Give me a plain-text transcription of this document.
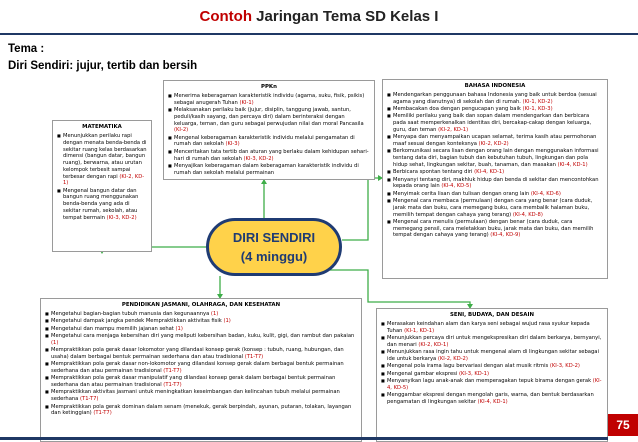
Contoh Jaringan Tema SD Kelas I
Tema :
Diri Sendiri: jujur, tertib dan bersih
PPKn
■ Menerima keberagaman karakteristik individu (agama, suku, fisik, psikis) sebagai anugerah Tuhan (KI-1)
■ Melaksanakan perilaku baik (jujur, disiplin, tanggung jawab, santun, peduli/kasih sayang, dan percaya diri) dalam berinteraksi dengan keluarga, teman, dan guru sebagai perwujudan nilai dan moral Pancasila (KI-2)
■ Mengenal keberagaman karakteristik individu melalui pengamatan di rumah dan sekolah (KI-3)
■ Menceritakan tata tertib dan aturan yang berlaku dalam kehidupan sehari-hari di rumah dan sekolah (KI-3, KD-2)
■ Menyajikan keberagaman dalam keberagaman karakteristik individu di rumah dan sekolah melalui permainan
BAHASA INDONESIA
■ Mendengarkan penggunaan bahasa Indonesia yang baik untuk berdoa (sesuai agama yang dianutnya) di sekolah dan di rumah. (KI-1, KD-2)
■ Membacakan doa dengan pengucapan yang baik (KI-1, KD-3)
■ Memiliki perilaku yang baik dan sopan dalam mendengarkan dan berbicara pada saat memperkenalkan identitas diri, bercakap-cakap dengan keluarga, guru, dan teman (KI-2, KD-1)
■ Menyapa dan menyampaikan ucapan selamat, terima kasih atau permohonan maaf sesuai dengan konteksnya (KI-2, KD-2)
■ Berkomunikasi secara lisan dengan orang lain dengan menggunakan informasi tentang data diri, bagian tubuh dan kebutuhan tubuh, lingkungan dan pola hidup sehat, lingkungan sekitar, buah, tanaman, dan masakan (KI-4, KD-1)
■ Berbicara spontan tentang diri (KI-4, KD-1)
■ Menyanyi tentang diri, makhluk hidup dan benda di sekitar dan mencontohkan kepada orang lain (KI-4, KD-5)
■ Menyimak cerita lisan dan tulisan dengan orang lain (KI-4, KD-6)
■ Mengenal cara membaca (permulaan) dengan cara yang benar (cara duduk, jarak mata dan buku, cara memegang buku, cara membalik halaman buku, memilih tempat dengan cahaya yang terang) (KI-4, KD-8)
■ Mengenal cara menulis (permulaan) dengan benar (cara duduk, cara memegang pensil, cara meletakkan buku, jarak mata dan buku, dan memilih tempat dengan cahaya yang terang) (KI-4, KD-9)
MATEMATIKA
■ Menunjukkan perilaku rapi dengan menata benda-benda di sekitar ruang kelas berdasarkan dimensi (bangun datar, bangun ruang), berwarna, atau urutan kelompok terbesit sampai terbesar dengan rapi (KI-2, KD-1)
■ Mengenal bangun datar dan bangun ruang menggunakan benda-benda yang ada di sekitar rumah, sekolah, atau tempat bermain (KI-3, KD-2)
DIRI SENDIRI
(4 minggu)
PENDIDIKAN JASMANI, OLAHRAGA, DAN KESEHATAN
■ Mengetahui bagian-bagian tubuh manusia dan kegunaannya (1)
■ Mengetahui dampak jangka pendek Mempraktikkan aktivitas fisik (1)
■ Mengetahui dan mampu memilih jajanan sehat (1)
■ Mengetahui cara menjaga kebersihan diri yang meliputi kebersihan badan, kuku, kulit, gigi, dan rambut dan pakaian (1)
■ Mempraktikkan pola gerak dasar lokomotor yang dilandasi konsep gerak (konsep : tubuh, ruang, hubungan, dan usaha) dalam berbagai bentuk permainan sederhana dan atau tradisional (T1-T7)
■ Mempraktikkan pola gerak dasar non-lokomotor yang dilandasi konsep gerak dalam berbagai bentuk permainan sederhana dan atau permainan tradisional (T1-T7)
■ Mempraktikkan pola gerak dasar manipulatif yang dilandasi konsep gerak dalam berbagai bentuk permainan sederhana dan atau permainan tradisional (T1-T7)
■ Mempraktikkan aktivitas jasmani untuk meningkatkan keseimbangan dan kelincahan tubuh melalui permainan sederhana (T1-T7)
■ Mempraktikkan pola gerak dominan dalam senam (menekuk, gerak berpindah, ayunan, putaran, tolakan, layangan dan ketinggian) (T1-T7)
SENI, BUDAYA, DAN DESAIN
■ Merasakan keindahan alam dan karya seni sebagai wujud rasa syukur kepada Tuhan (KI-1, KD-1)
■ Menunjukkan percaya diri untuk mengekspresikan diri dalam berkarya, bernyanyi, dan menari (KI-2, KD-1)
■ Menunjukkan rasa ingin tahu untuk mengenal alam di lingkungan sekitar sebagai ide untuk berkarya (KI-2, KD-2)
■ Mengenal pola irama lagu bervariasi dengan alat musik ritmis (KI-3, KD-2)
■ Mengenal gambar ekspresi (KI-3, KD-1)
■ Menyanyikan lagu anak-anak dan memperagakan tepuk birama dengan gerak (KI-4, KD-5)
■ Menggambar ekspresi dengan mengolah garis, warna, dan bentuk berdasarkan pengamatan di lingkungan sekitar (KI-4, KD-1)
75
